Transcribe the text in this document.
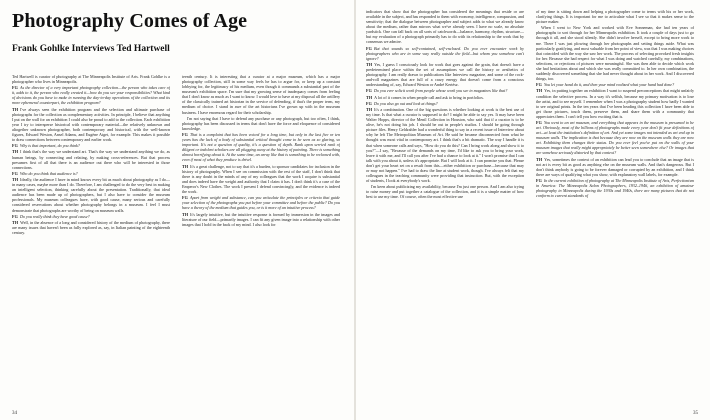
Photography Comes of Age
Frank Gohlke Interviews Ted Hartwell

Ted Hartwell is curator of photography at The Minneapolis Institute of Arts. Frank Gohlke is a photographer who lives in Minneapolis.

FG  As the director of a very important photography collection—the person who takes care of it, adds to it, the person who really created it—how do you see your responsibilities? What kind of decisions do you have to make in running the day-to-day operations of the collection and its more ephemeral counterpart, the exhibition program?

TH  I've always seen the exhibition program and the selection and ultimate purchase of photographs for the collection as complementary activities. In principle, I believe that anything I put on the wall for an exhibition I could also be proud to add to the collection. Each exhibition year I try to intersperse historical with contemporary material—the relatively unknown and altogether unknown photographer, both contemporary and historical, with the well-known figures, Edward Weston, Ansel Adams, and Eugène Atget, for example. This makes it possible to draw connections between contemporary and earlier work.

FG  Why is that important, do you think?

TH  I think that's the way we understand art. That's the way we understand anything we do, as human beings, by connecting and relating, by making cross-references. But that process presumes first of all that there is an audience out there who will be interested in those connections.

FG  Who do you think that audience is?

TH  Ideally, the audience I have in mind knows every bit as much about photography as I do—in many cases, maybe more than I do. Therefore, I am challenged to do the very best in making an intelligent selection, thinking carefully about the presentation. Traditionally, that ideal audience has been made up of photographers, but I also have to consider the museum professionals. My museum colleagues have, with good cause, many serious and carefully considered reservations about whether photography belongs in a museum. I feel I must demonstrate that photographs are worthy of being on museum walls.

FG  Do you really think they have good cause?

TH  Well, in the absence of a long and considered history of the medium of photography, there are many issues that haven't been as fully explored as, say, in Italian painting of the eighteenth century.

teenth century. It is interesting that a curator at a major museum, which has a major photography collection, still in some way feels he has to argue for, or keep up a constant lobbying for, the legitimacy of his medium, even though it commands a substantial part of the museum's exhibition space. I'm sure that my growing sense of inadequacy comes from feeling that I don't know as much as I want to know. I would love to have at my disposal all the artillery of the classically trained art historian in the service of defending, if that's the proper term, my medium of choice. I stand in awe of the art historians I've grown up with in the museum business. I have enormous regard for their scholarship.

I'm not saying that I have to defend any purchase or any photograph, but too often, I think, photography has been discussed in terms that don't have the force and eloquence of considered knowledge.

FG  That is a complaint that has been voiced for a long time, but only in the last five or ten years has the lack of a body of substantial critical thought come to be seen as so glaring, so important. It's not a question of quality, it's a question of depth. Rank upon serried rank of diligent or indolent scholars are all plugging away at the history of painting. There is something almost horrifying about it. At the same time, an array like that is something to be reckoned with, even if most of what they produce is drivel.

TH  It's a great challenge, not to say that it's a burden, to sponsor candidates for inclusion in the history of photography. When I see on commission with the rest of the staff, I don't think that there is any doubt in the minds of any of my colleagues that the work I acquire is substantial and does indeed have the weight and authority that I claim it has. I don't think it's a case of the Emperor's New Clothes. The work I present I defend convincingly, and the evidence is indeed the work.

FG  Apart from weight and substance, can you articulate the principles or criteria that guide your selection of the photographs you put before your committee and before the public? Do you have a theory of the medium that guides you, or is it more of an intuitive process?

TH  It's largely intuitive, but the intuitive response is formed by immersion in the images and literature of our field—primarily images. I can fit any given image into a relationship with other images that I hold in the back of my mind. I also look for

34

indicators that show that the photographer has considered the meanings that reside or are available in the subject, and has responded to them with economy, intelligence, compassion, and sensitivity; that the dialogue between photographer and subject adds to what we already know about the medium, rather than mirrors what we've already seen. I have no scale, no absolute yardstick. One can fall back on all sorts of catchwords—balance, harmony, rhythm, structure—but my evaluation of a photograph primarily has to do with its relationship to the work that by consensus we admire.

FG  But that sounds so self-contained, self-enclosed. Do you ever encounter work by photographers who are in some way really outside the field—but whom you somehow can't ignore?

TH  Yes, I guess I consciously look for work that goes against the grain, that doesn't have a predetermined place within the set of assumptions we call the history or aesthetics of photography. I am really drawn to publications like Interview magazine, and some of the rock-and-roll magazines that are full of a crazy energy that doesn't come from a conscious understanding of, say, Edward Weston or André Kertész.

FG  Do you ever solicit work from people whose work you see in magazines like that?

TH  A lot of it comes in when people call and ask to bring in portfolios.

FG  Do you also go out and look at things?

TH  It's a combination. One of the big questions is whether looking at work is the best use of my time. Is that what a curator is supposed to do? I might be able to say yes. It may have been Walter Hopps, director of the Menil Collection in Houston, who said that if a curator is to be alive, he's not doing his job. I should be out in people's studios. I should be going through picture files. Henry Geldzahler had a wonderful thing to say in a recent issue of Interview about why he left The Metropolitan Museum of Art. He said he became disconnected from what he thought was most vital in contemporary art. I think that's a bit dramatic. The way I handle it is that when someone calls and says, "How do you do this? Can I bring work along and show it to you?"—I say, "Because of the demands on my time, I'd like to ask you to bring your work, leave it with me, and I'll call you after I've had a chance to look at it." I won't promise that I can talk with you about it, unless it's appropriate. But I will look at it. I can promise you that. Please don't get your heart set on a result from this—either exhibition or purchase—because that may or may not happen." I've had to draw the line at student work, though. I've always felt that my colleagues in the teaching community were providing that instruction. But, with the exception of students, I look at everybody's work.

I'm keen about publicizing my availability, because I'm just one person. And I am also trying to raise money and put together a catalogue of the collection, and it is a simple matter of how best to use my time. Of course, often the most effective use

of my time is sitting down and helping a photographer come to terms with his or her work, clarifying things. It is important for me to articulate what I see so that it makes sense to the picture maker.

When I went to New York and worked with Eve Sonneman, she had ten years of photographs to sort through for her Minneapolis exhibition. It took a couple of days just to go through it all, and she stood silently. She didn't involve herself, except to bring more work to me. There I was just plowing through her photographs and setting things aside. What was particularly gratifying, and most valuable from her point of view, was that I was making choices that coincided with the way she saw her work. The process of selecting provoked fresh insights for her. Because she had respect for what I was doing and watched carefully, my combinations, selections, or rejections of pictures were meaningful. She was then able to decide which work she had hesitations about and which she was really committed to. In her own combination, the suddenly discovered something that she had never thought about in her work. And I discovered things, too.

FG  You let your hand do it, and then your mind realized what your hand had done?

TH  Yes, in putting together an exhibition I want to suspend preconceptions that might unfairly condition the selective process. In a way it's selfish, because my primary motivation is to lose the artist, and to see myself. I remember when I was a photography student how badly I wanted to see original prints. In the ten years that I've been heading this collection I have been able to get those pictures, touch them, preserve them, and share them with a community that appreciates them. I can't tell you how exciting that is.

FG  You went to an art museum, and everything that appears in the museum is presumed to be art. Obviously, most of the billions of photographs made every year don't fit your definitions of art—at least the institution's definition of art. And yet some images not intended as art end up in museum walls. The implication is that because they are now on the museum walls they are now art. Exhibiting them changes their status. Do you ever feel you've put on the walls of your museum images that really might appropriately be better seen somewhere else? Or images that are somehow seriously distorted by that context?

TH  Yes, sometimes the context of an exhibition can lead you to conclude that an image that is not art is every bit as good as anything else on the museum walls. And that's dangerous. But I don't think anybody is going to be forever damaged or corrupted by an exhibition, and I think there are ways of qualifying what you show, with explanatory wall labels, for example.

FG  In the current exhibition of photography at The Minneapolis Institute of Arts, Perfectionism in America: The Minneapolis Salon Photographers, 1932–1946, an exhibition of amateur photography in Minneapolis during the 1930s and 1940s, there are many pictures that do not conform to current standards of

35
